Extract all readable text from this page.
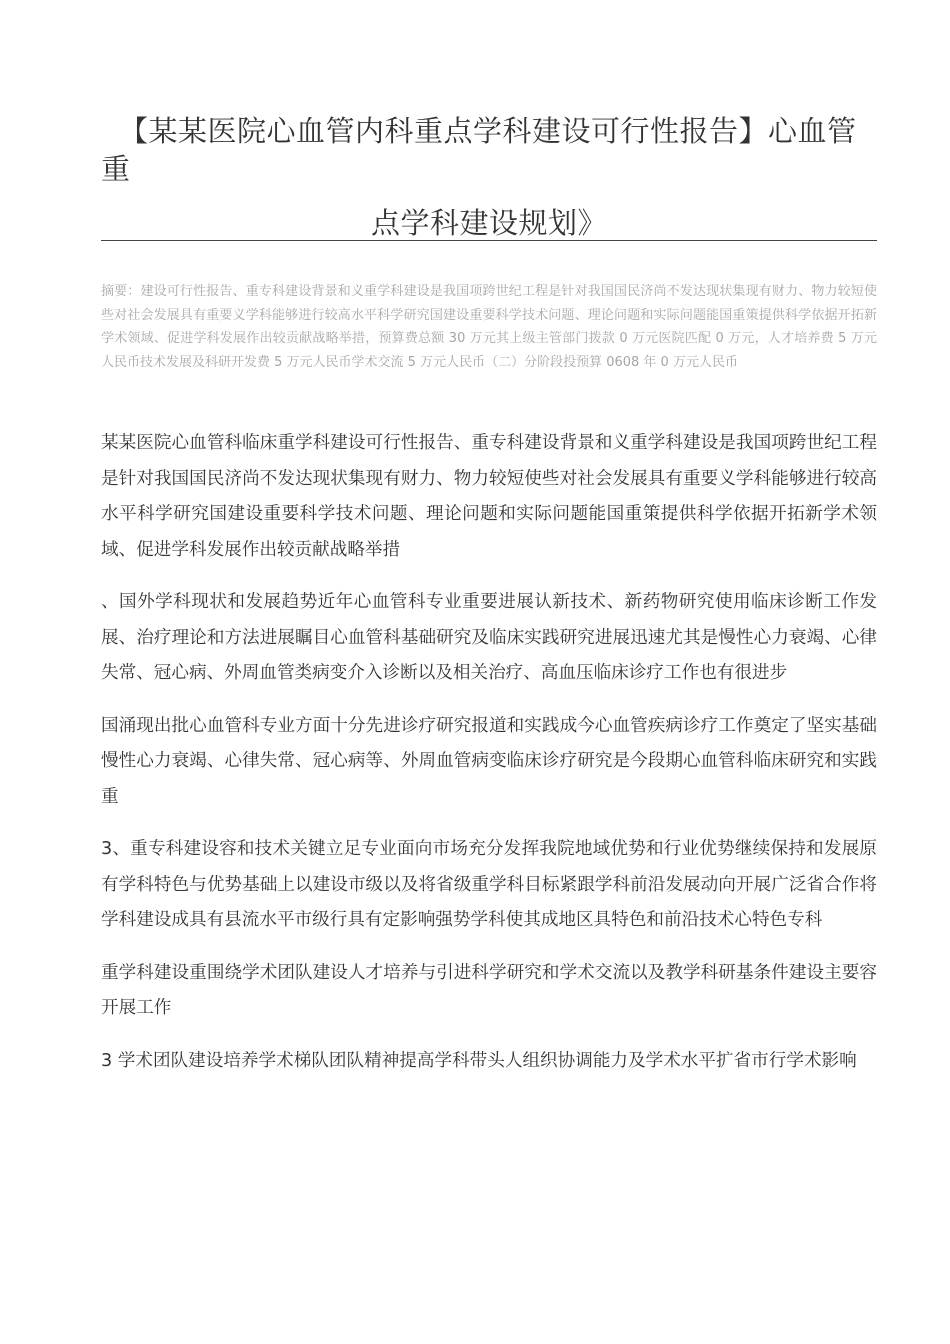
【某某医院心血管内科重点学科建设可行性报告】心血管
重
点学科建设规划》
摘要：建设可行性报告、重专科建设背景和义重学科建设是我国项跨世纪工程是针对我国国民济尚不发达现状集现有财力、物力较短使些对社会发展具有重要义学科能够进行较高水平科学研究国建设重要科学技术问题、理论问题和实际问题能国重策提供科学依据开拓新学术领域、促进学科发展作出较贡献战略举措，预算费总额 30 万元其上级主管部门拨款 0 万元医院匹配 0 万元，人才培养费 5 万元人民币技术发展及科研开发费 5 万元人民币学术交流 5 万元人民币（二）分阶段投预算 0608 年 0 万元人民币

某某医院心血管科临床重学科建设可行性报告、重专科建设背景和义重学科建设是我国项跨世纪工程是针对我国国民济尚不发达现状集现有财力、物力较短使些对社会发展具有重要义学科能够进行较高水平科学研究国建设重要科学技术问题、理论问题和实际问题能国重策提供科学依据开拓新学术领域、促进学科发展作出较贡献战略举措

、国外学科现状和发展趋势近年心血管科专业重要进展认新技术、新药物研究使用临床诊断工作发展、治疗理论和方法进展瞩目心血管科基础研究及临床实践研究进展迅速尤其是慢性心力衰竭、心律失常、冠心病、外周血管类病变介入诊断以及相关治疗、高血压临床诊疗工作也有很进步

国涌现出批心血管科专业方面十分先进诊疗研究报道和实践成今心血管疾病诊疗工作奠定了坚实基础慢性心力衰竭、心律失常、冠心病等、外周血管病变临床诊疗研究是今段期心血管科临床研究和实践重

3、重专科建设容和技术关键立足专业面向市场充分发挥我院地域优势和行业优势继续保持和发展原有学科特色与优势基础上以建设市级以及将省级重学科目标紧跟学科前沿发展动向开展广泛省合作将学科建设成具有县流水平市级行具有定影响强势学科使其成地区具特色和前沿技术心特色专科

重学科建设重围绕学术团队建设人才培养与引进科学研究和学术交流以及教学科研基条件建设主要容开展工作

3 学术团队建设培养学术梯队团队精神提高学科带头人组织协调能力及学术水平扩省市行学术影响
